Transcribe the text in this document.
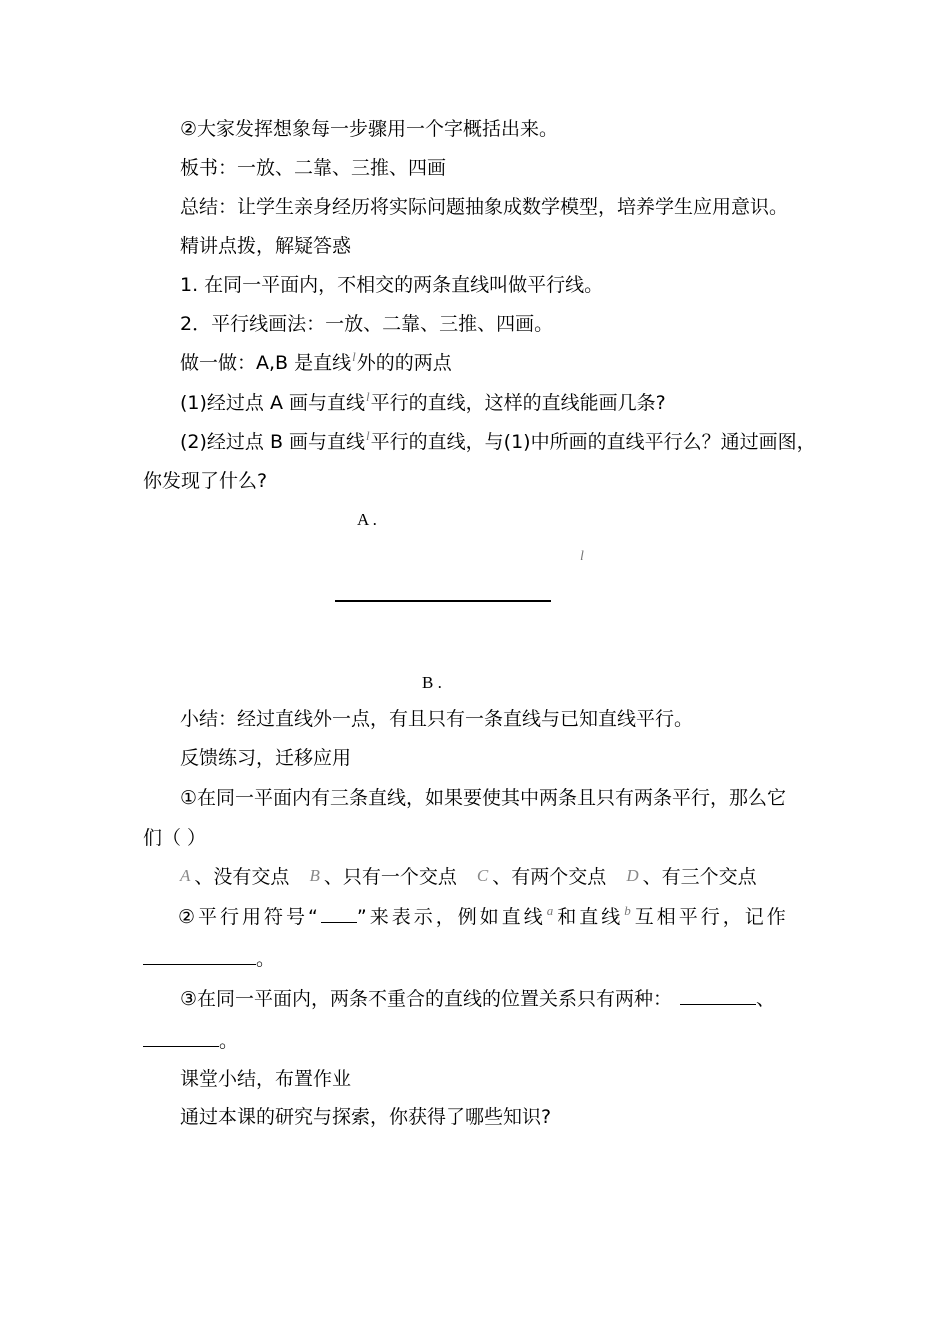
②大家发挥想象每一步骤用一个字概括出来。
板书：一放、二靠、三推、四画
总结：让学生亲身经历将实际问题抽象成数学模型，培养学生应用意识。
精讲点拨，解疑答惑
1. 在同一平面内，不相交的两条直线叫做平行线。
2．平行线画法：一放、二靠、三推、四画。
做一做：A,B 是直线$^l$外的的两点
(1)经过点 A 画与直线$^l$平行的直线，这样的直线能画几条?
(2)经过点 B 画与直线$^l$平行的直线，与(1)中所画的直线平行么？通过画图，
你发现了什么?
A .
l
B .
小结：经过直线外一点，有且只有一条直线与已知直线平行。
反馈练习，迁移应用
①在同一平面内有三条直线，如果要使其中两条且只有两条平行，那么它
们（ ）
A 、没有交点 B 、只有一个交点 C 、有两个交点 D 、有三个交点
②平行用符号“ ”来表示，例如直线$^a$和直线$^b$互相平行，记作
。
③在同一平面内，两条不重合的直线的位置关系只有两种：	、
。
课堂小结，布置作业
通过本课的研究与探索，你获得了哪些知识?
